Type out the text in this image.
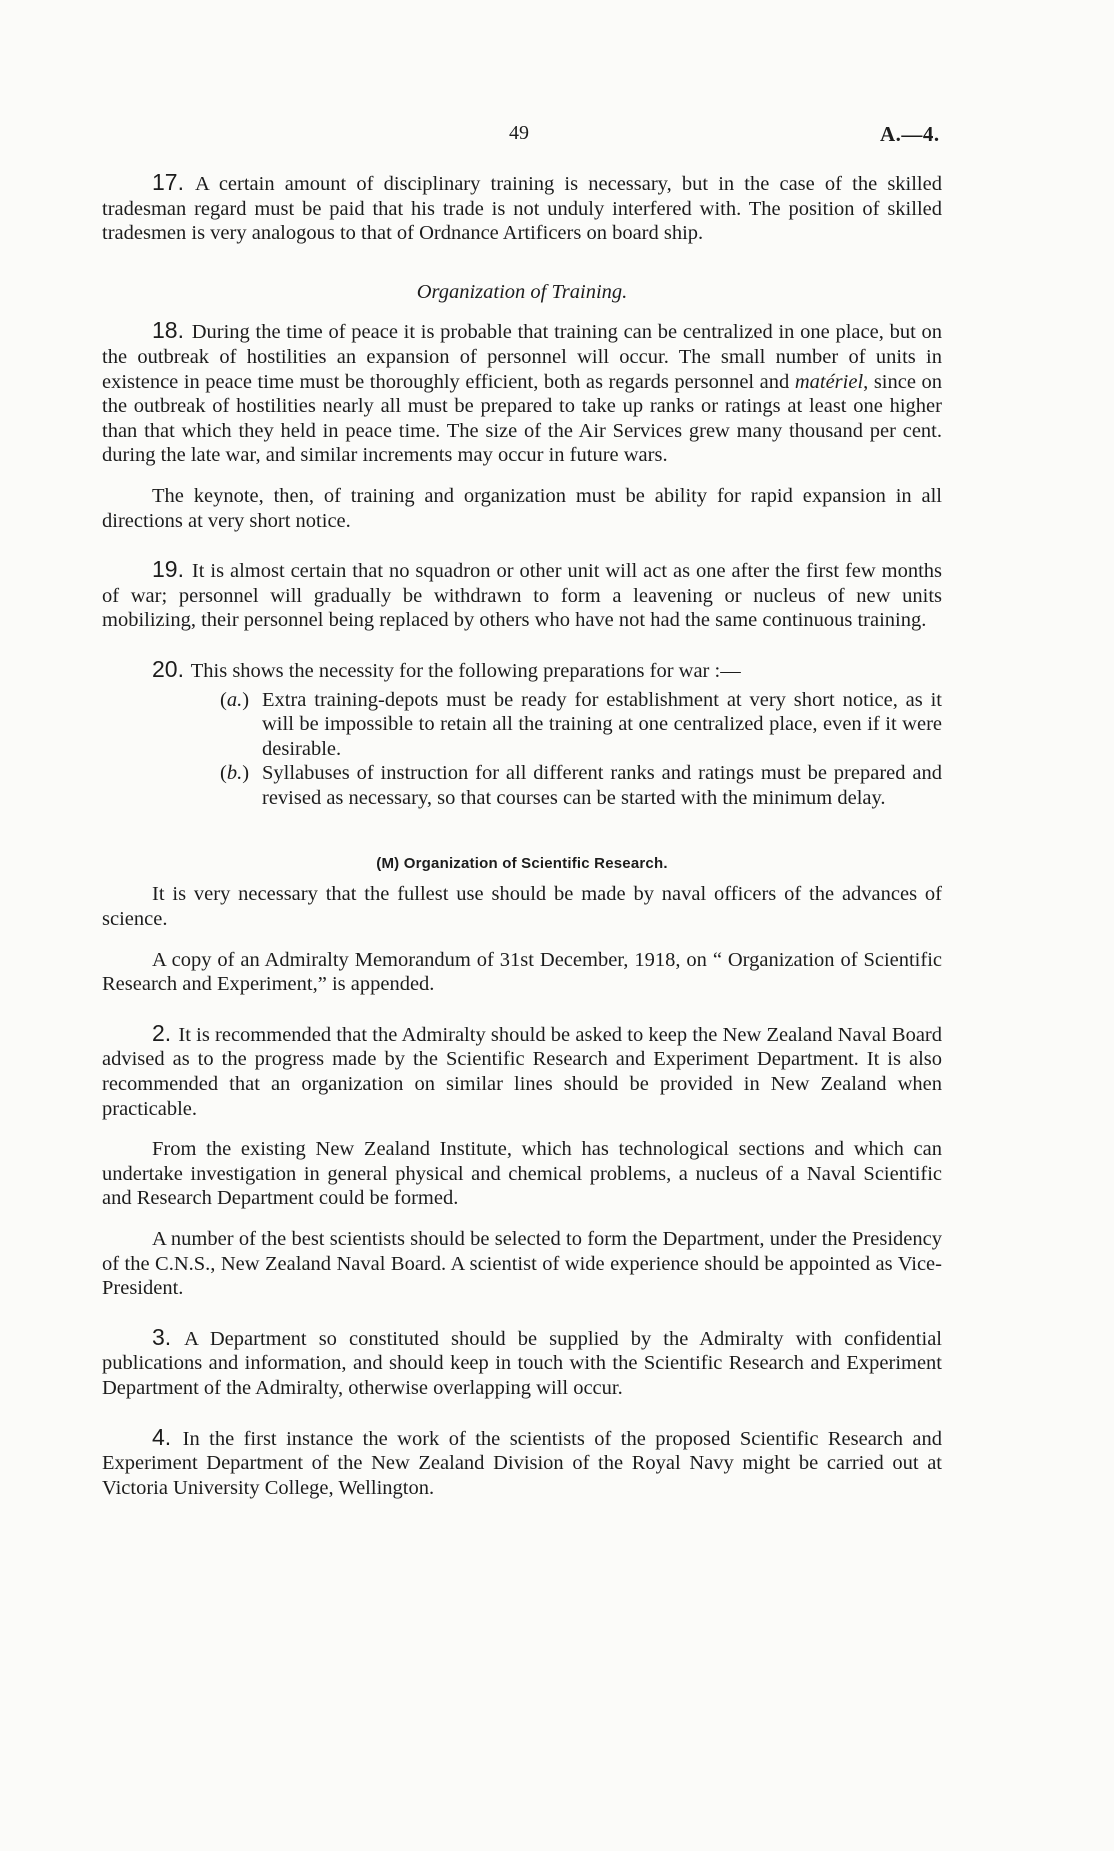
49	A.—4.

17. A certain amount of disciplinary training is necessary, but in the case of the skilled tradesman regard must be paid that his trade is not unduly interfered with. The position of skilled tradesmen is very analogous to that of Ordnance Artificers on board ship.

Organization of Training.

18. During the time of peace it is probable that training can be centralized in one place, but on the outbreak of hostilities an expansion of personnel will occur. The small number of units in existence in peace time must be thoroughly efficient, both as regards personnel and matériel, since on the outbreak of hostilities nearly all must be prepared to take up ranks or ratings at least one higher than that which they held in peace time. The size of the Air Services grew many thousand per cent. during the late war, and similar increments may occur in future wars.

The keynote, then, of training and organization must be ability for rapid expansion in all directions at very short notice.

19. It is almost certain that no squadron or other unit will act as one after the first few months of war; personnel will gradually be withdrawn to form a leavening or nucleus of new units mobilizing, their personnel being replaced by others who have not had the same continuous training.

20. This shows the necessity for the following preparations for war :—

(a.) Extra training-depots must be ready for establishment at very short notice, as it will be impossible to retain all the training at one centralized place, even if it were desirable.

(b.) Syllabuses of instruction for all different ranks and ratings must be prepared and revised as necessary, so that courses can be started with the minimum delay.

(M) Organization of Scientific Research.

It is very necessary that the fullest use should be made by naval officers of the advances of science.

A copy of an Admiralty Memorandum of 31st December, 1918, on “ Organization of Scientific Research and Experiment,” is appended.

2. It is recommended that the Admiralty should be asked to keep the New Zealand Naval Board advised as to the progress made by the Scientific Research and Experiment Department. It is also recommended that an organization on similar lines should be provided in New Zealand when practicable.

From the existing New Zealand Institute, which has technological sections and which can undertake investigation in general physical and chemical problems, a nucleus of a Naval Scientific and Research Department could be formed.

A number of the best scientists should be selected to form the Department, under the Presidency of the C.N.S., New Zealand Naval Board. A scientist of wide experience should be appointed as Vice-President.

3. A Department so constituted should be supplied by the Admiralty with confidential publications and information, and should keep in touch with the Scientific Research and Experiment Department of the Admiralty, otherwise overlapping will occur.

4. In the first instance the work of the scientists of the proposed Scientific Research and Experiment Department of the New Zealand Division of the Royal Navy might be carried out at Victoria University College, Wellington.
